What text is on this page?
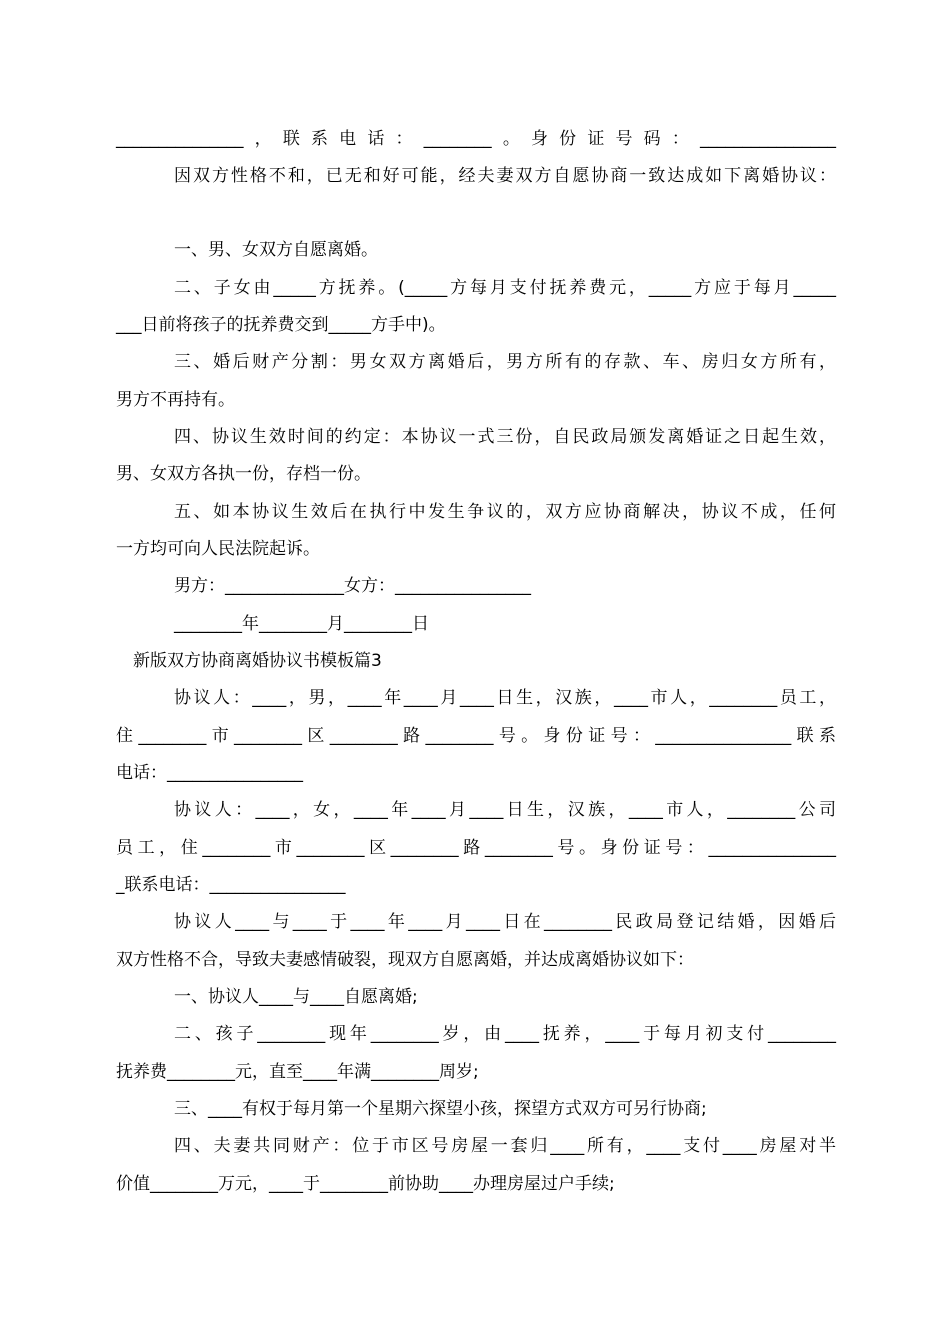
_______________，联系电话：________。身份证号码：________________

因双方性格不和，已无和好可能，经夫妻双方自愿协商一致达成如下离婚协议：

一、男、女双方自愿离婚。

二、子女由_____方抚养。(_____方每月支付抚养费元，_____方应于每月_____

___日前将孩子的抚养费交到_____方手中)。

三、婚后财产分割：男女双方离婚后，男方所有的存款、车、房归女方所有，

男方不再持有。

四、协议生效时间的约定：本协议一式三份，自民政局颁发离婚证之日起生效，

男、女双方各执一份，存档一份。

五、如本协议生效后在执行中发生争议的，双方应协商解决，协议不成，任何

一方均可向人民法院起诉。

男方：______________女方：________________

________年________月________日

新版双方协商离婚协议书模板篇3

协议人：____，男，____年____月____日生，汉族，____市人，________员工，

住________市________区________路________号。身份证号：________________联系

电话：________________

协议人：____，女，____年____月____日生，汉族，____市人，________公司

员工，住________市________区________路________号。身份证号：_______________

_联系电话：________________

协议人____与____于____年____月____日在________民政局登记结婚，因婚后

双方性格不合，导致夫妻感情破裂，现双方自愿离婚，并达成离婚协议如下：

一、协议人____与____自愿离婚;

二、孩子________现年________岁，由____抚养，____于每月初支付________

抚养费________元，直至____年满________周岁;

三、____有权于每月第一个星期六探望小孩，探望方式双方可另行协商;

四、夫妻共同财产：位于市区号房屋一套归____所有，____支付____房屋对半

价值________万元，____于________前协助____办理房屋过户手续;
